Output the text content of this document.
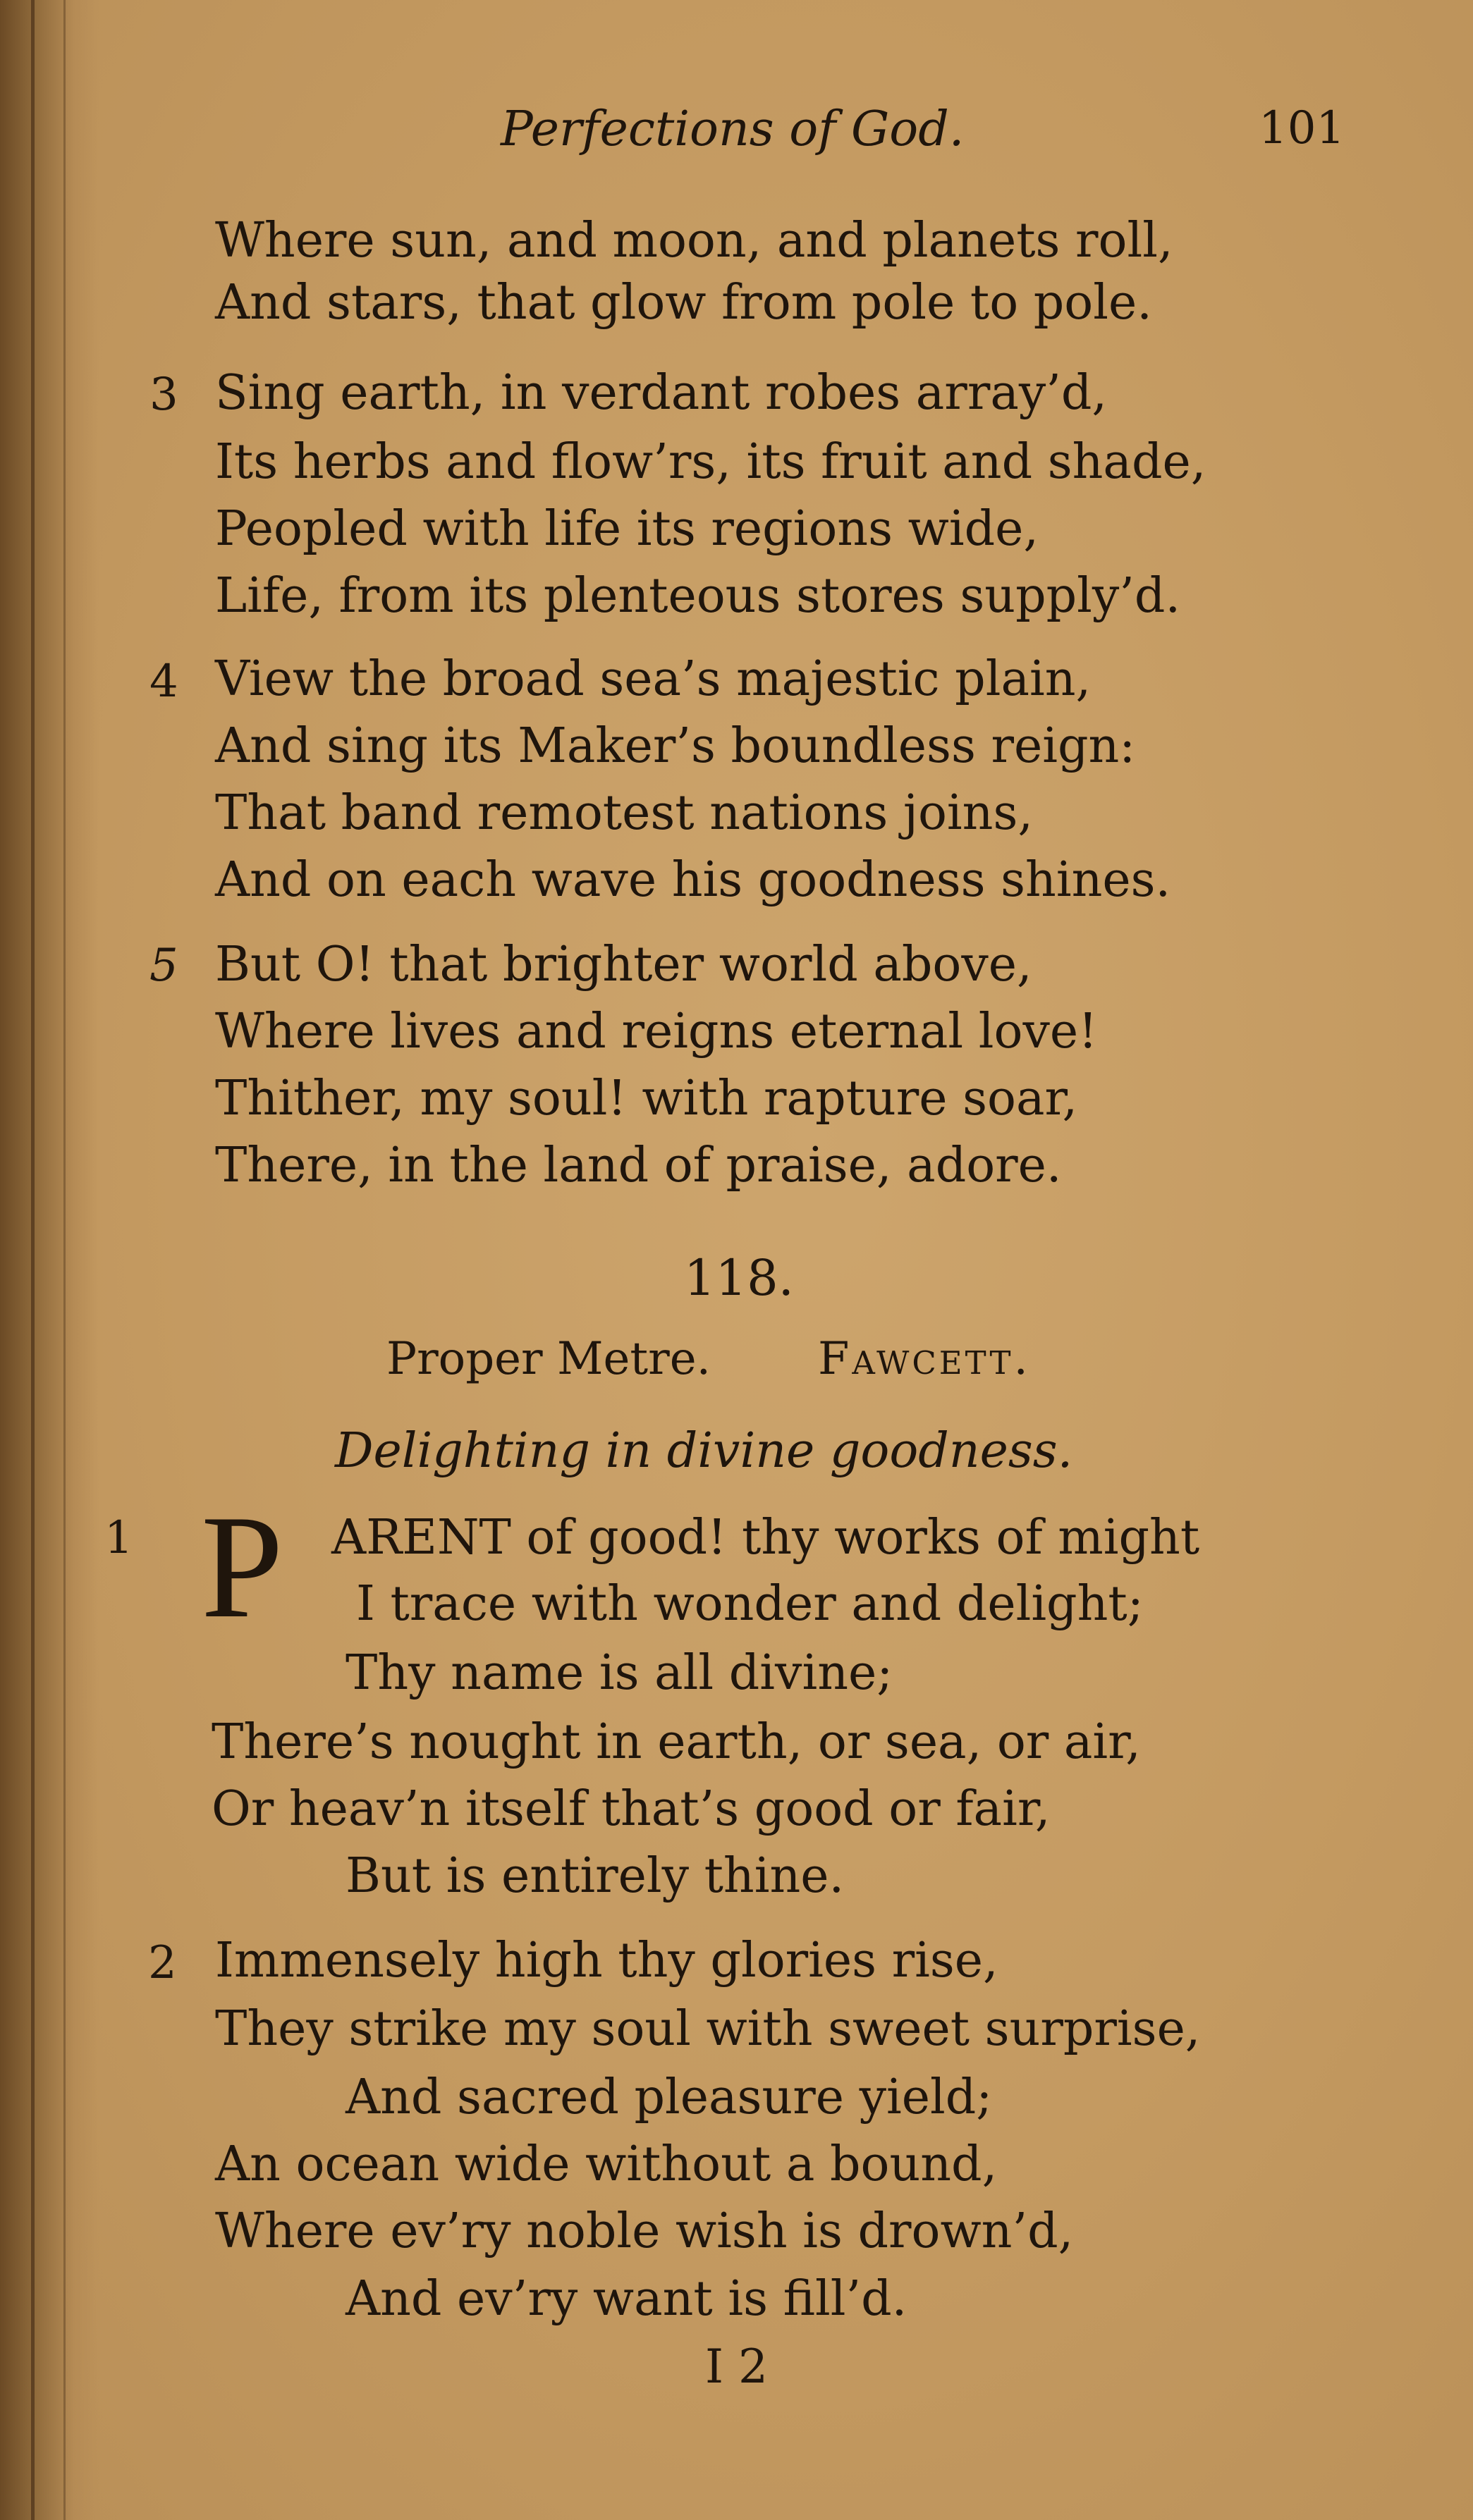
Perfections of God.	101
Where sun, and moon, and planets roll,
And stars, that glow from pole to pole.
3 Sing earth, in verdant robes array’d,
Its herbs and flow’rs, its fruit and shade,
Peopled with life its regions wide,
Life, from its plenteous stores supply’d.
4 View the broad sea’s majestic plain,
And sing its Maker’s boundless reign:
That band remotest nations joins,
And on each wave his goodness shines.
5 But O! that brighter world above,
Where lives and reigns eternal love!
Thither, my soul! with rapture soar,
There, in the land of praise, adore.
118.
Proper Metre. Fawcett.
Delighting in divine goodness.
1 P ARENT of good! thy works of might
I trace with wonder and delight;
Thy name is all divine;
There’s nought in earth, or sea, or air,
Or heav’n itself that’s good or fair,
But is entirely thine.
2 Immensely high thy glories rise,
They strike my soul with sweet surprise,
And sacred pleasure yield;
An ocean wide without a bound,
Where ev’ry noble wish is drown’d,
And ev’ry want is fill’d.
I 2
